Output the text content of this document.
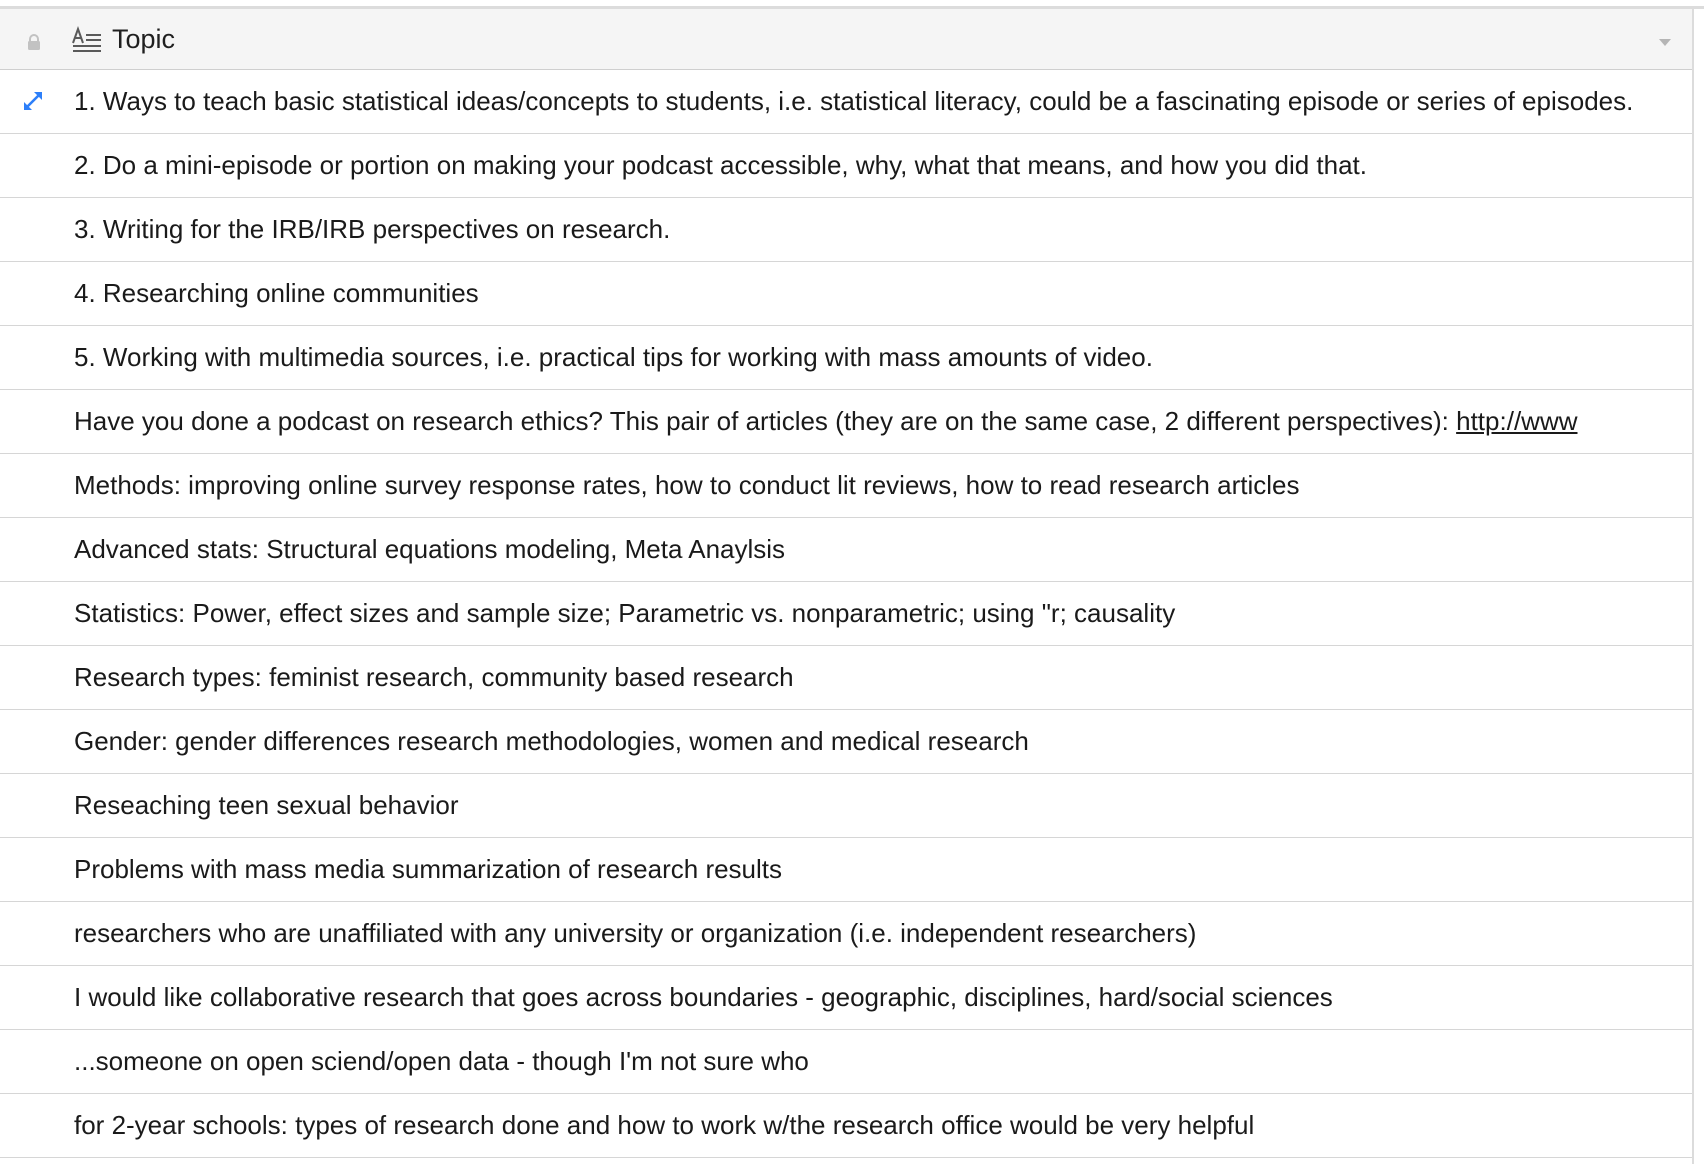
Topic
1. Ways to teach basic statistical ideas/concepts to students, i.e. statistical literacy, could be a fascinating episode or series of episodes.
2. Do a mini-episode or portion on making your podcast accessible, why, what that means, and how you did that.
3. Writing for the IRB/IRB perspectives on research.
4. Researching online communities
5. Working with multimedia sources, i.e. practical tips for working with mass amounts of video.
Have you done a podcast on research ethics? This pair of articles (they are on the same case, 2 different perspectives): http://www
Methods: improving online survey response rates, how to conduct lit reviews, how to read research articles
Advanced stats: Structural equations modeling, Meta Anaylsis
Statistics: Power, effect sizes and sample size; Parametric vs. nonparametric; using "r; causality
Research types: feminist research, community based research
Gender: gender differences research methodologies, women and medical research
Reseaching teen sexual behavior
Problems with mass media summarization of research results
researchers who are unaffiliated with any university or organization (i.e. independent researchers)
I would like collaborative research that goes across boundaries - geographic, disciplines, hard/social sciences
...someone on open sciend/open data - though I'm not sure who
for 2-year schools: types of research done and how to work w/the research office would be very helpful
